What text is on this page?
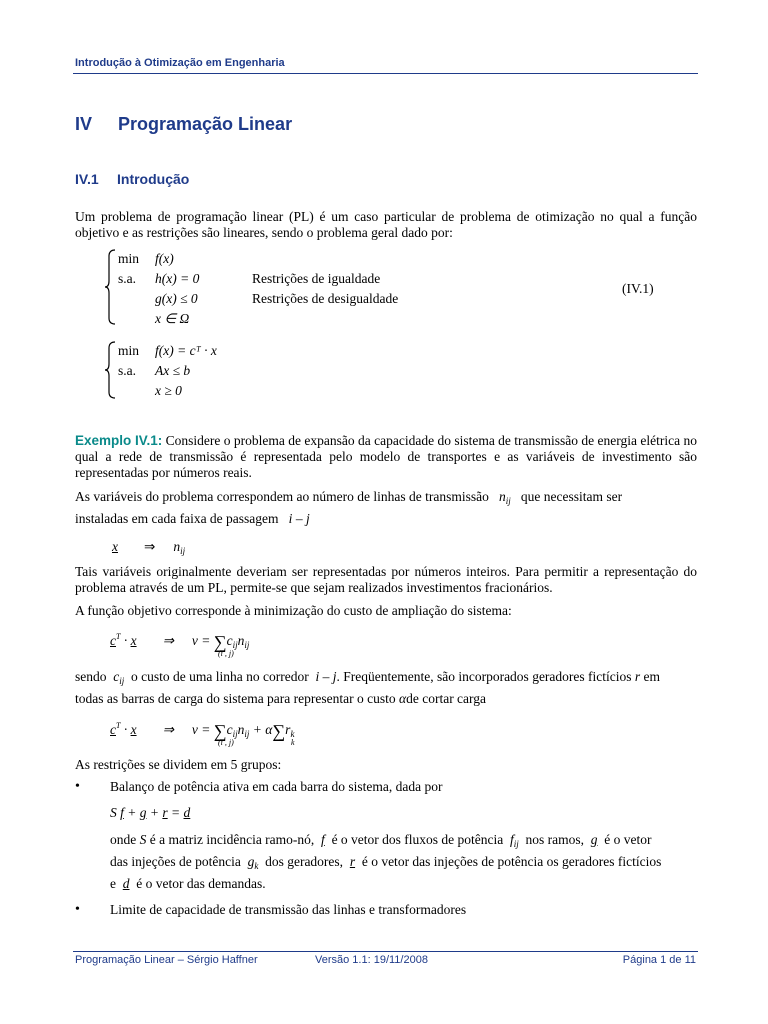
Introdução à Otimização em Engenharia
IV Programação Linear
IV.1 Introdução
Um problema de programação linear (PL) é um caso particular de problema de otimização no qual a função objetivo e as restrições são lineares, sendo o problema geral dado por:
min f(x)
s.a. h(x) = 0	Restrições de igualdade
g(x) ≤ 0	Restrições de desigualdade
x ∈ Ω
(IV.1)
min f(x) = cᵀ · x
s.a. Ax ≤ b
x ≥ 0
Exemplo IV.1: Considere o problema de expansão da capacidade do sistema de transmissão de energia elétrica no qual a rede de transmissão é representada pelo modelo de transportes e as variáveis de investimento são representadas por números reais.
As variáveis do problema correspondem ao número de linhas de transmissão $n_{ij}$ que necessitam ser
instaladas em cada faixa de passagem i – j
x ⇒ $n_{ij}$
Tais variáveis originalmente deveriam ser representadas por números inteiros. Para permitir a representação do problema através de um PL, permite-se que sejam realizados investimentos fracionários.
A função objetivo corresponde à minimização do custo de ampliação do sistema:
$c^T \cdot x$ ⇒ $v = \sum c_{ij}n_{ij}$
(i , j)
sendo $c_{ij}$ o custo de uma linha no corredor i – j. Freqüentemente, são incorporados geradores fictícios r em
todas as barras de carga do sistema para representar o custo αde cortar carga
$c^T \cdot x$ ⇒ $v = \sum c_{ij}n_{ij} + \alpha\sum r_k$
(i , j)	k
As restrições se dividem em 5 grupos:
• Balanço de potência ativa em cada barra do sistema, dada por
S f + g + r = d
onde S é a matriz incidência ramo-nó, f é o vetor dos fluxos de potência $f_{ij}$ nos ramos, g é o vetor
das injeções de potência $g_k$ dos geradores, r é o vetor das injeções de potência os geradores fictícios
e d é o vetor das demandas.
• Limite de capacidade de transmissão das linhas e transformadores
Programação Linear – Sérgio Haffner	Versão 1.1: 19/11/2008	Página 1 de 11
